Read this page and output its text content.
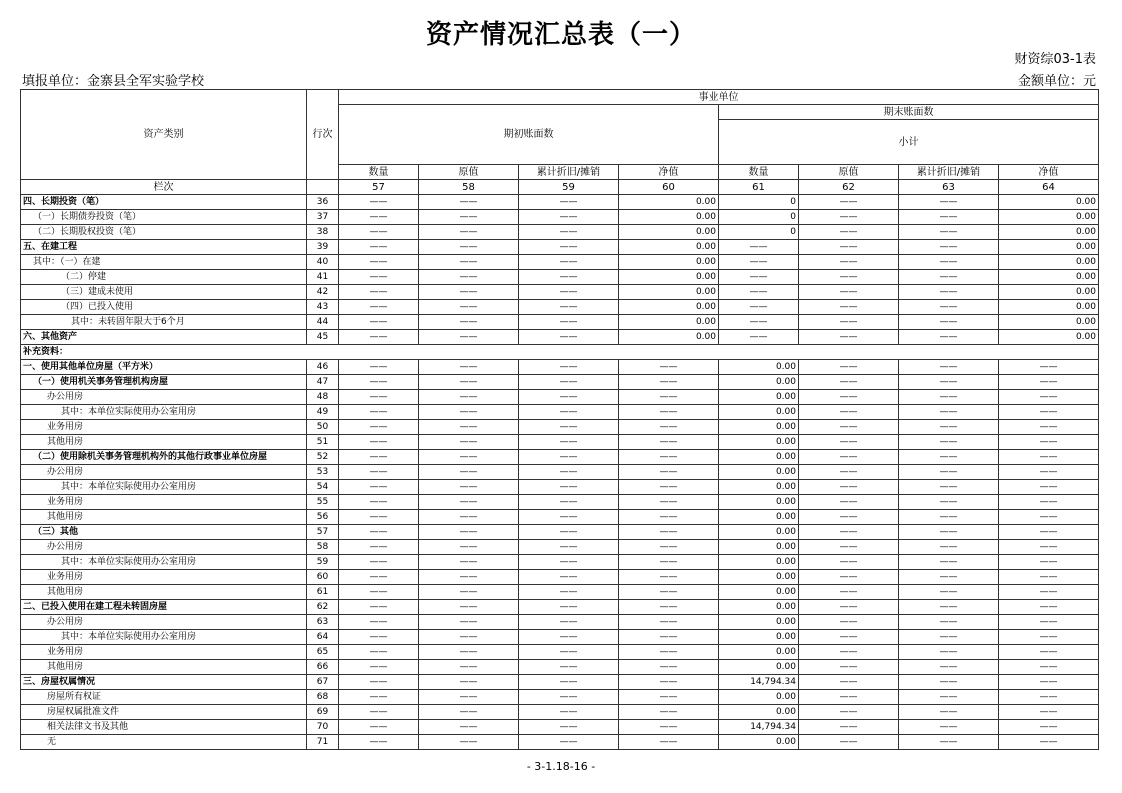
资产情况汇总表（一）
财资综03-1表
填报单位：金寨县全军实验学校	金额单位：元
资产类别	行次	事业单位								
		期初账面数				期末账面数				
						小计				

		数量	原值	累计折旧/摊销	净值	数量	原值	累计折旧/摊销	净值	
栏次		57	58	59	60	61	62	63	64	
四、长期投资（笔）	36	——	——	——	0.00	0	——	——	0.00	
（一）长期债券投资（笔）	37	——	——	——	0.00	0	——	——	0.00	
（二）长期股权投资（笔）	38	——	——	——	0.00	0	——	——	0.00	
五、在建工程	39	——	——	——	0.00	——	——	——	0.00	
其中：（一）在建	40	——	——	——	0.00	——	——	——	0.00	
（二）停建	41	——	——	——	0.00	——	——	——	0.00	
（三）建成未使用	42	——	——	——	0.00	——	——	——	0.00	
（四）已投入使用	43	——	——	——	0.00	——	——	——	0.00	
其中：未转固年限大于6个月	44	——	——	——	0.00	——	——	——	0.00	
六、其他资产	45	——	——	——	0.00	——	——	——	0.00	
补充资料：										
一、使用其他单位房屋（平方米）	46	——	——	——	——	0.00	——	——	——	
（一）使用机关事务管理机构房屋	47	——	——	——	——	0.00	——	——	——	
办公用房	48	——	——	——	——	0.00	——	——	——	
其中：本单位实际使用办公室用房	49	——	——	——	——	0.00	——	——	——	
业务用房	50	——	——	——	——	0.00	——	——	——	
其他用房	51	——	——	——	——	0.00	——	——	——	
（二）使用除机关事务管理机构外的其他行政事业单位房屋	52	——	——	——	——	0.00	——	——	——	
办公用房	53	——	——	——	——	0.00	——	——	——	
其中：本单位实际使用办公室用房	54	——	——	——	——	0.00	——	——	——	
业务用房	55	——	——	——	——	0.00	——	——	——	
其他用房	56	——	——	——	——	0.00	——	——	——	
（三）其他	57	——	——	——	——	0.00	——	——	——	
办公用房	58	——	——	——	——	0.00	——	——	——	
其中：本单位实际使用办公室用房	59	——	——	——	——	0.00	——	——	——	
业务用房	60	——	——	——	——	0.00	——	——	——	
其他用房	61	——	——	——	——	0.00	——	——	——	
二、已投入使用在建工程未转固房屋	62	——	——	——	——	0.00	——	——	——	
办公用房	63	——	——	——	——	0.00	——	——	——	
其中：本单位实际使用办公室用房	64	——	——	——	——	0.00	——	——	——	
业务用房	65	——	——	——	——	0.00	——	——	——	
其他用房	66	——	——	——	——	0.00	——	——	——	
三、房屋权属情况	67	——	——	——	——	14,794.34	——	——	——	
房屋所有权证	68	——	——	——	——	0.00	——	——	——	
房屋权属批准文件	69	——	——	——	——	0.00	——	——	——	
相关法律文书及其他	70	——	——	——	——	14,794.34	——	——	——	
无	71	——	——	——	——	0.00	——	——	——	
- 3-1.18-16 -
